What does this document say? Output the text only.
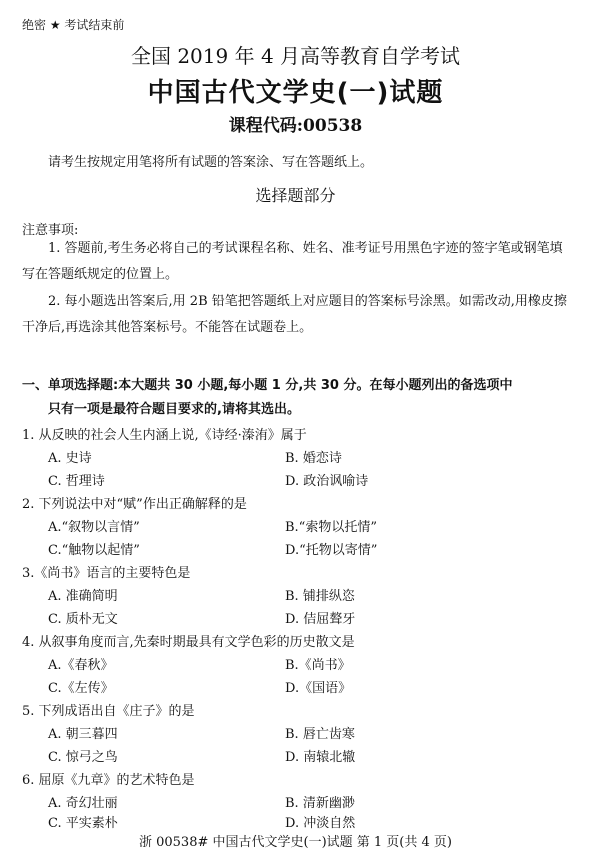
绝密 ★ 考试结束前
全国 2019 年 4 月高等教育自学考试
中国古代文学史(一)试题
课程代码:00538
请考生按规定用笔将所有试题的答案涂、写在答题纸上。
选择题部分
注意事项:
1. 答题前,考生务必将自己的考试课程名称、姓名、准考证号用黑色字迹的签字笔或钢笔填写在答题纸规定的位置上。
2. 每小题选出答案后,用 2B 铅笔把答题纸上对应题目的答案标号涂黑。如需改动,用橡皮擦干净后,再选涂其他答案标号。不能答在试题卷上。
一、单项选择题:本大题共 30 小题,每小题 1 分,共 30 分。在每小题列出的备选项中
只有一项是最符合题目要求的,请将其选出。
1. 从反映的社会人生内涵上说,《诗经·溱洧》属于
A. 史诗	B. 婚恋诗
C. 哲理诗	D. 政治讽喻诗
2. 下列说法中对“赋”作出正确解释的是
A.“叙物以言情”	B.“索物以托情”
C.“触物以起情”	D.“托物以寄情”
3.《尚书》语言的主要特色是
A. 准确简明	B. 铺排纵恣
C. 质朴无文	D. 佶屈聱牙
4. 从叙事角度而言,先秦时期最具有文学色彩的历史散文是
A.《春秋》	B.《尚书》
C.《左传》	D.《国语》
5. 下列成语出自《庄子》的是
A. 朝三暮四	B. 唇亡齿寒
C. 惊弓之鸟	D. 南辕北辙
6. 屈原《九章》的艺术特色是
A. 奇幻壮丽	B. 清新幽渺
C. 平实素朴	D. 冲淡自然
浙 00538# 中国古代文学史(一)试题 第 1 页(共 4 页)
